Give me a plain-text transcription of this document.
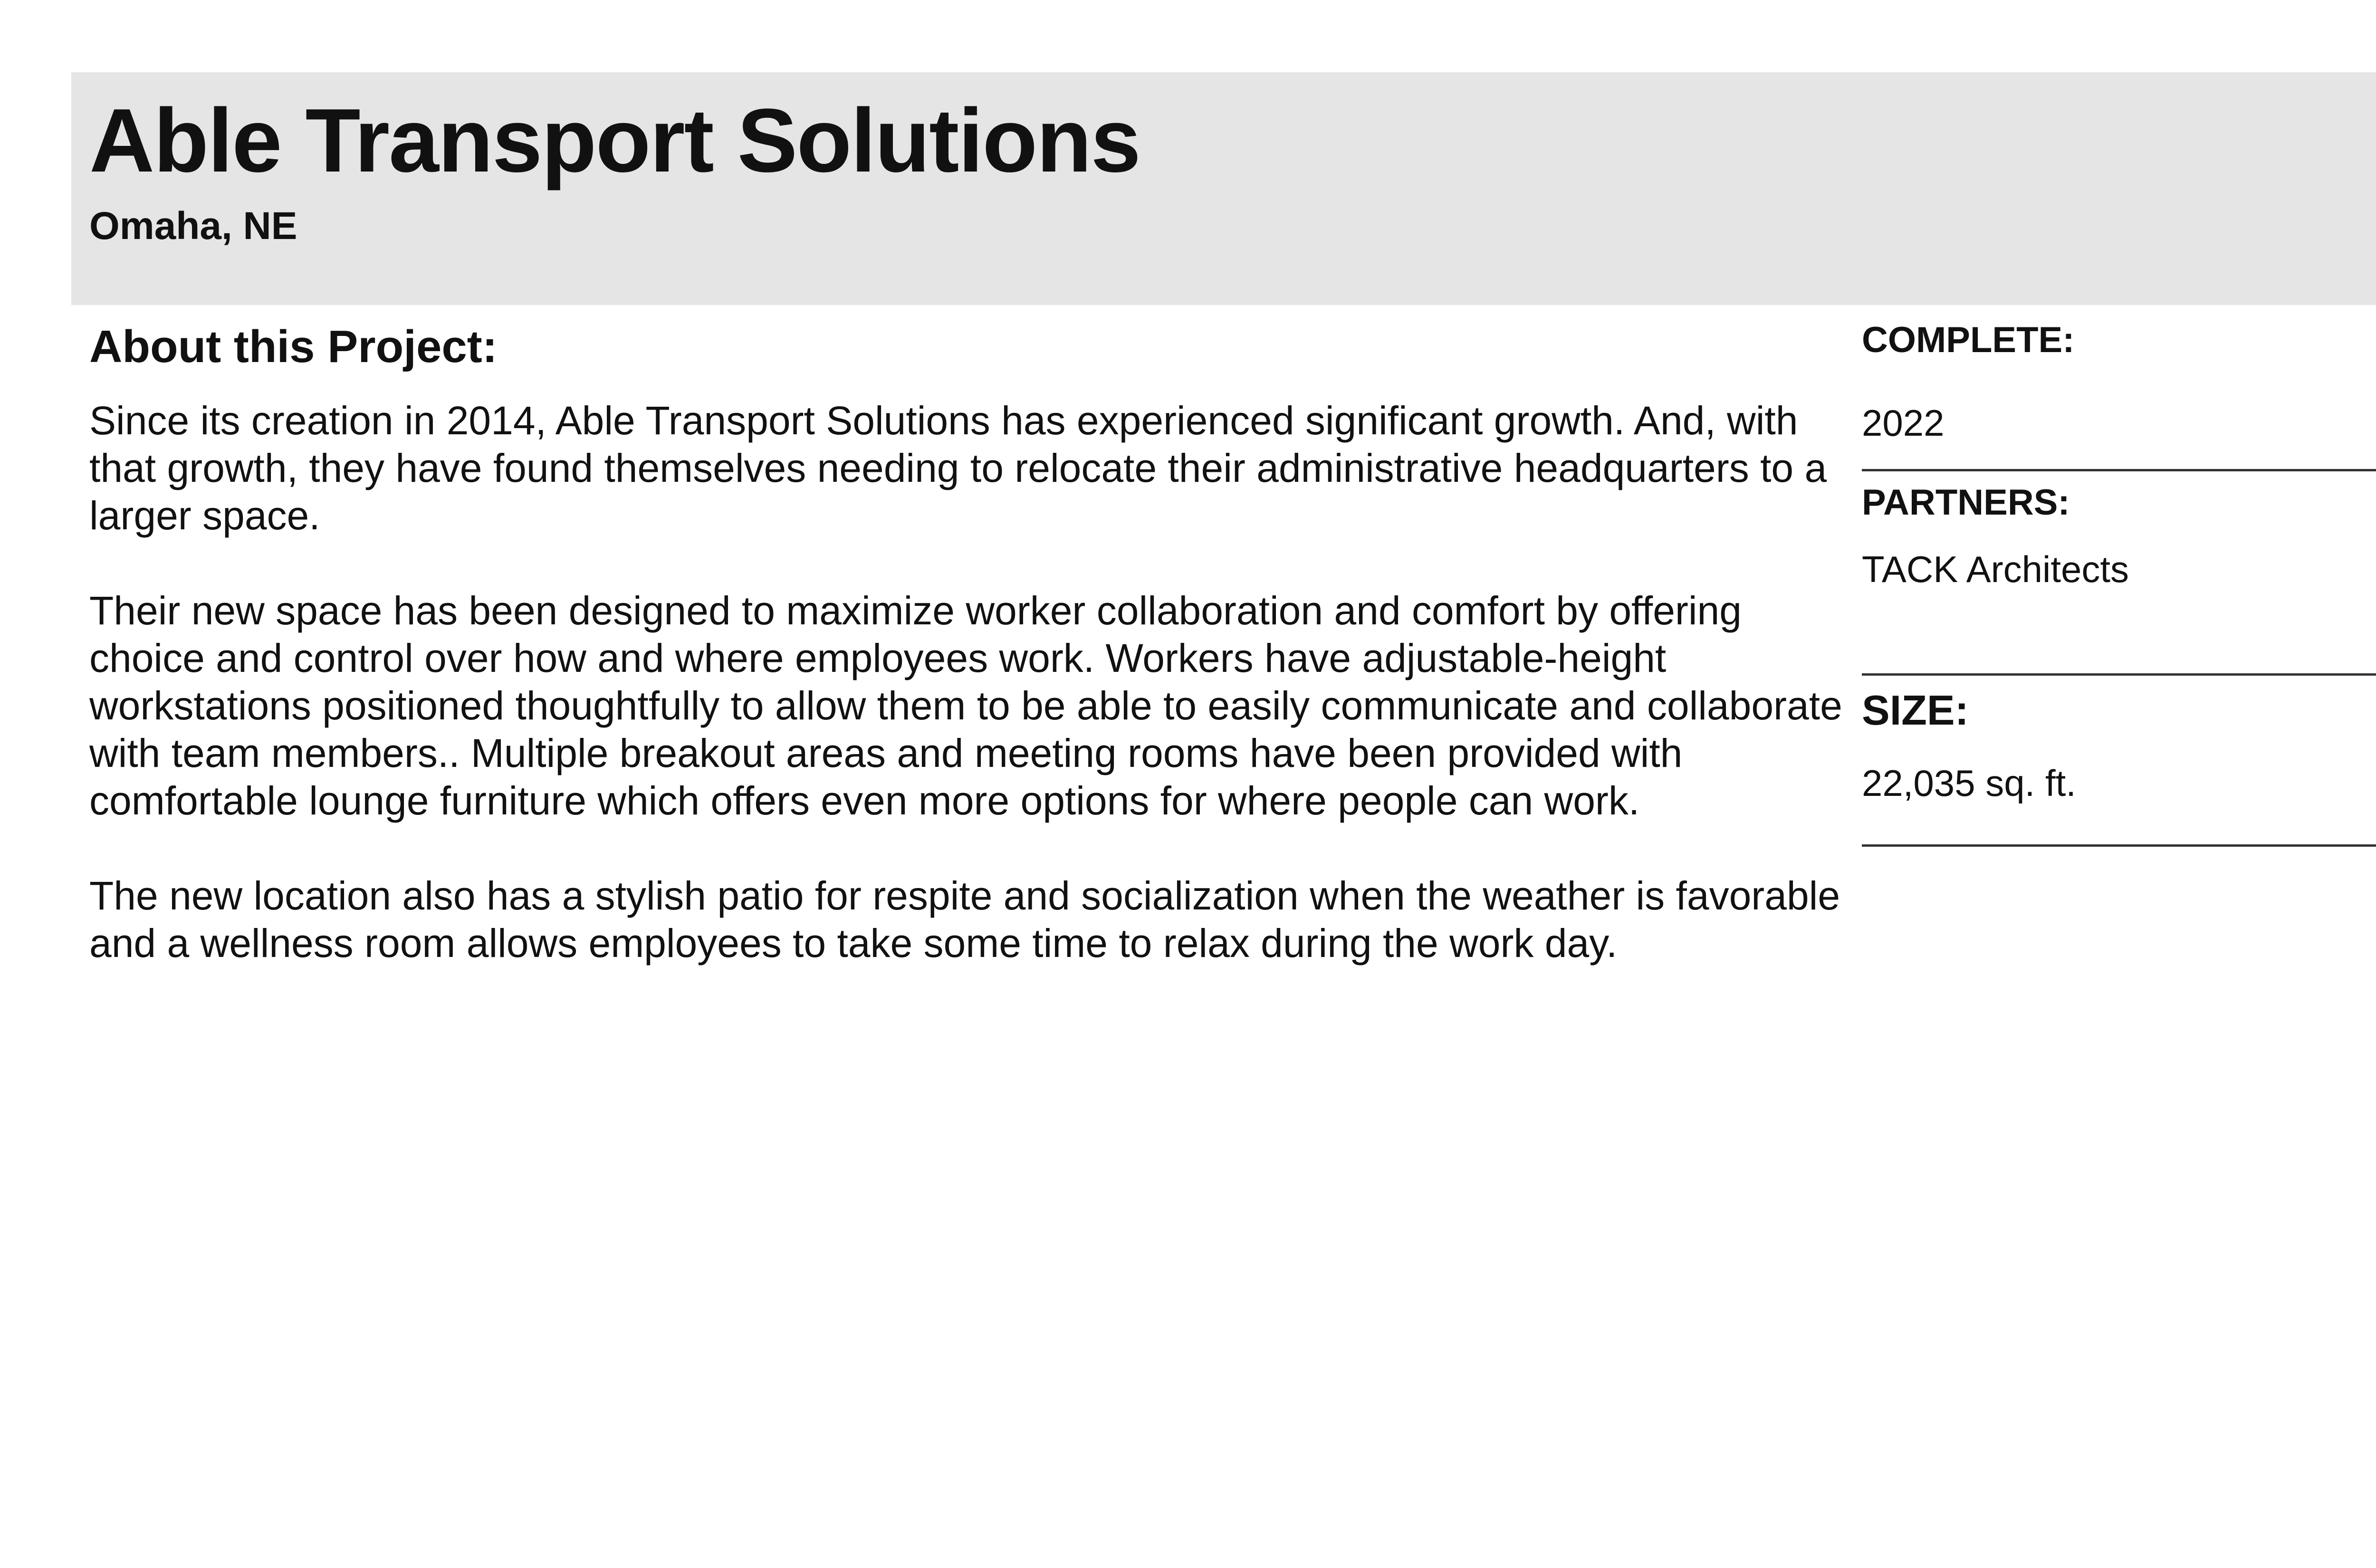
Able Transport Solutions
Omaha, NE
About this Project:

Since its creation in 2014, Able Transport Solutions has experienced significant growth. And, with that growth, they have found themselves needing to relocate their administrative headquarters to a larger space.

Their new space has been designed to maximize worker collaboration and comfort by offering choice and control over how and where employees work. Workers have adjustable-height workstations positioned thoughtfully to allow them to be able to easily communicate and collaborate with team members.. Multiple breakout areas and meeting rooms have been provided with comfortable lounge furniture which offers even more options for where people can work.

The new location also has a stylish patio for respite and socialization when the weather is favorable and a wellness room allows employees to take some time to relax during the work day.

COMPLETE:
2022
PARTNERS:
TACK Architects
SIZE:
22,035 sq. ft.
